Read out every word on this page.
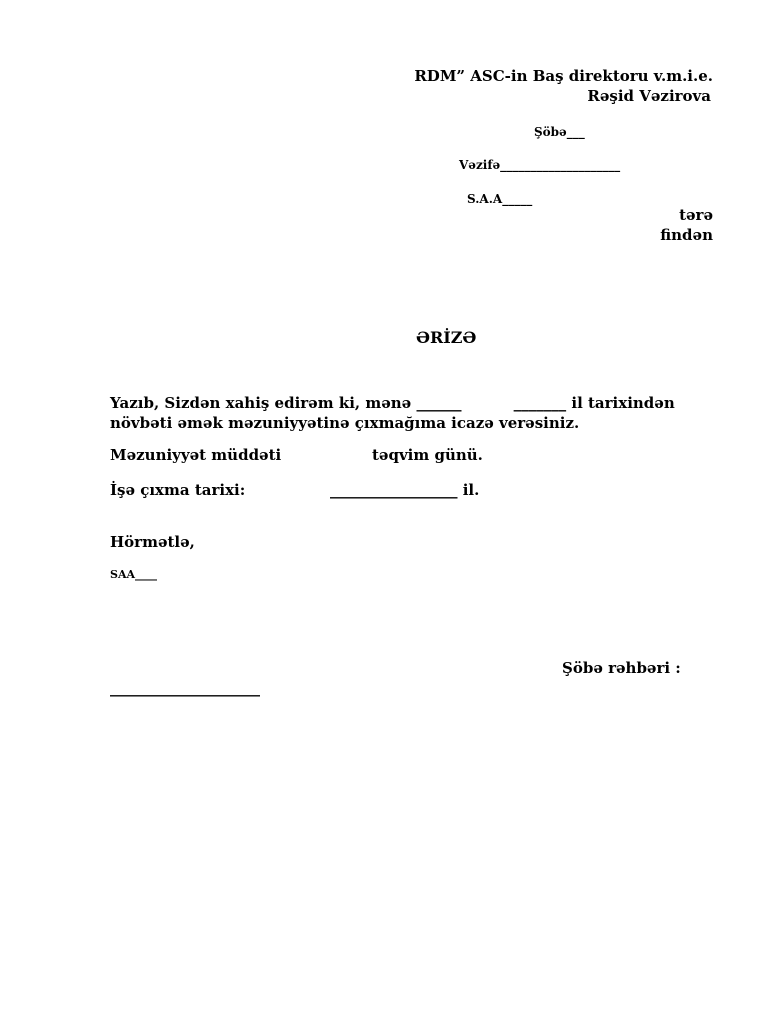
RDM” ASC-in Baş direktoru v.m.i.e.
Rəşid Vəzirova
Şöbə___
Vəzifə____________________
S.A.A_____
tərə
findən
ƏRİZƏ
Yazıb, Sizdən xahiş edirəm ki, mənə ______          _______ il tarixindən
növbəti əmək məzuniyyətinə çıxmağıma icazə verəsiniz.
Məzuniyyət müddəti	təqvim günü.
İşə çıxma tarixi:	_________________ il.
Hörmətlə,
SAA____
Şöbə rəhbəri :
____________________
